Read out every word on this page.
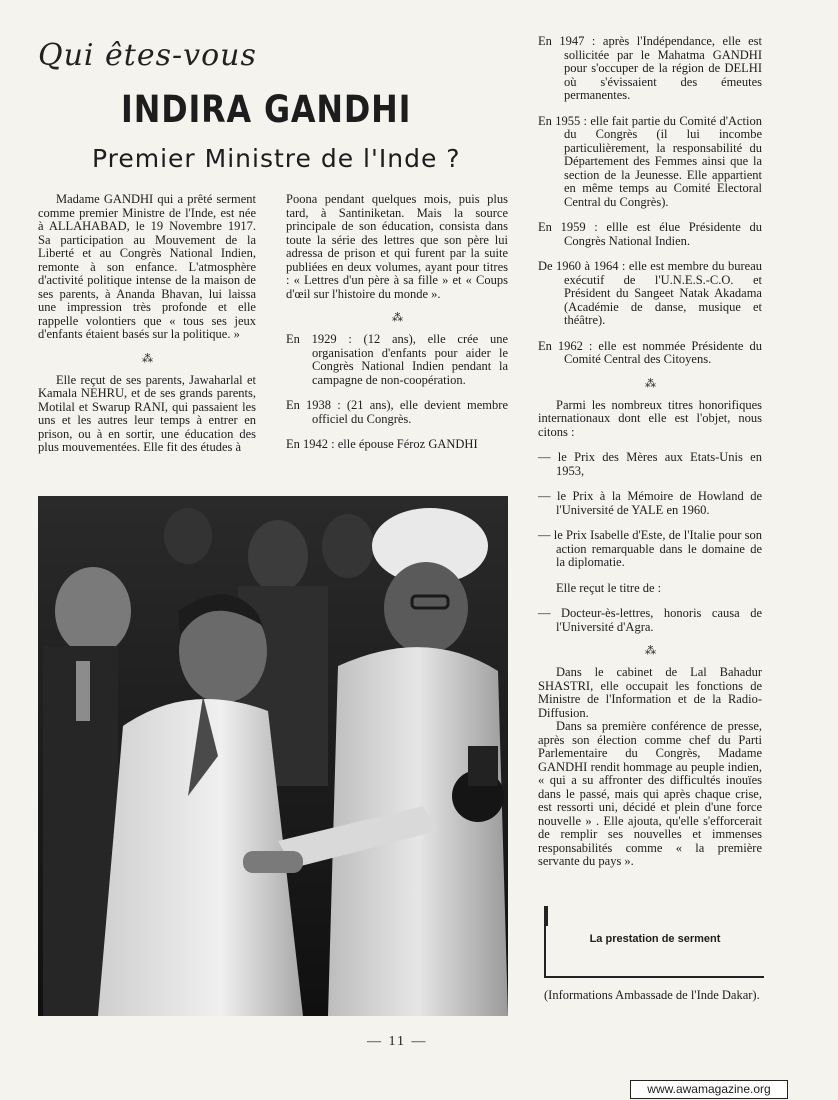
Qui êtes-vous
INDIRA GANDHI
Premier Ministre de l'Inde ?

Madame GANDHI qui a prêté serment comme premier Ministre de l'Inde, est née à ALLAHABAD, le 19 Novembre 1917. Sa participation au Mouvement de la Liberté et au Congrès National Indien, remonte à son enfance. L'atmosphère d'activité politique intense de la maison de ses parents, à Ananda Bhavan, lui laissa une impression très profonde et elle rappelle volontiers que « tous ses jeux d'enfants étaient basés sur la politique. »

⁂

Elle reçut de ses parents, Jawaharlal et Kamala NEHRU, et de ses grands parents, Motilal et Swarup RANI, qui passaient les uns et les autres leur temps à entrer en prison, ou à en sortir, une éducation des plus mouvementées. Elle fit des études à

Poona pendant quelques mois, puis plus tard, à Santiniketan. Mais la source principale de son éducation, consista dans toute la série des lettres que son père lui adressa de prison et qui furent par la suite publiées en deux volumes, ayant pour titres : « Lettres d'un père à sa fille » et « Coups d'œil sur l'histoire du monde ».

⁂
En 1929 : (12 ans), elle crée une organisation d'enfants pour aider le Congrès National Indien pendant la campagne de non-coopération.
En 1938 : (21 ans), elle devient membre officiel du Congrès.
En 1942 : elle épouse Féroz GANDHI
En 1947 : après l'Indépendance, elle est sollicitée par le Mahatma GANDHI pour s'occuper de la région de DELHI où s'évissaient des émeutes permanentes.
En 1955 : elle fait partie du Comité d'Action du Congrès (il lui incombe particulièrement, la responsabilité du Département des Femmes ainsi que la section de la Jeunesse. Elle appartient en même temps au Comité Electoral Central du Congrès).
En 1959 : ellle est élue Présidente du Congrès National Indien.
De 1960 à 1964 : elle est membre du bureau exécutif de l'U.N.E.S.-C.O. et Président du Sangeet Natak Akadama (Académie de danse, musique et théâtre).
En 1962 : elle est nommée Présidente du Comité Central des Citoyens.
⁂

Parmi les nombreux titres honorifiques internationaux dont elle est l'objet, nous citons :

— le Prix des Mères aux Etats-Unis en 1953,
— le Prix à la Mémoire de Howland de l'Université de YALE en 1960.
— le Prix Isabelle d'Este, de l'Italie pour son action remarquable dans le domaine de la diplomatie.

Elle reçut le titre de :

— Docteur-ès-lettres, honoris causa de l'Université d'Agra.
⁂

Dans le cabinet de Lal Bahadur SHASTRI, elle occupait les fonctions de Ministre de l'Information et de la Radio-Diffusion.

Dans sa première conférence de presse, après son élection comme chef du Parti Parlementaire du Congrès, Madame GANDHI rendit hommage au peuple indien, « qui a su affronter des difficultés inouïes dans le passé, mais qui après chaque crise, est ressorti uni, décidé et plein d'une force nouvelle » . Elle ajouta, qu'elle s'efforcerait de remplir ses nouvelles et immenses responsabilités comme « la première servante du pays ».

La prestation de serment
(Informations Ambassade de l'Inde Dakar).
— 11 —
www.awamagazine.org
